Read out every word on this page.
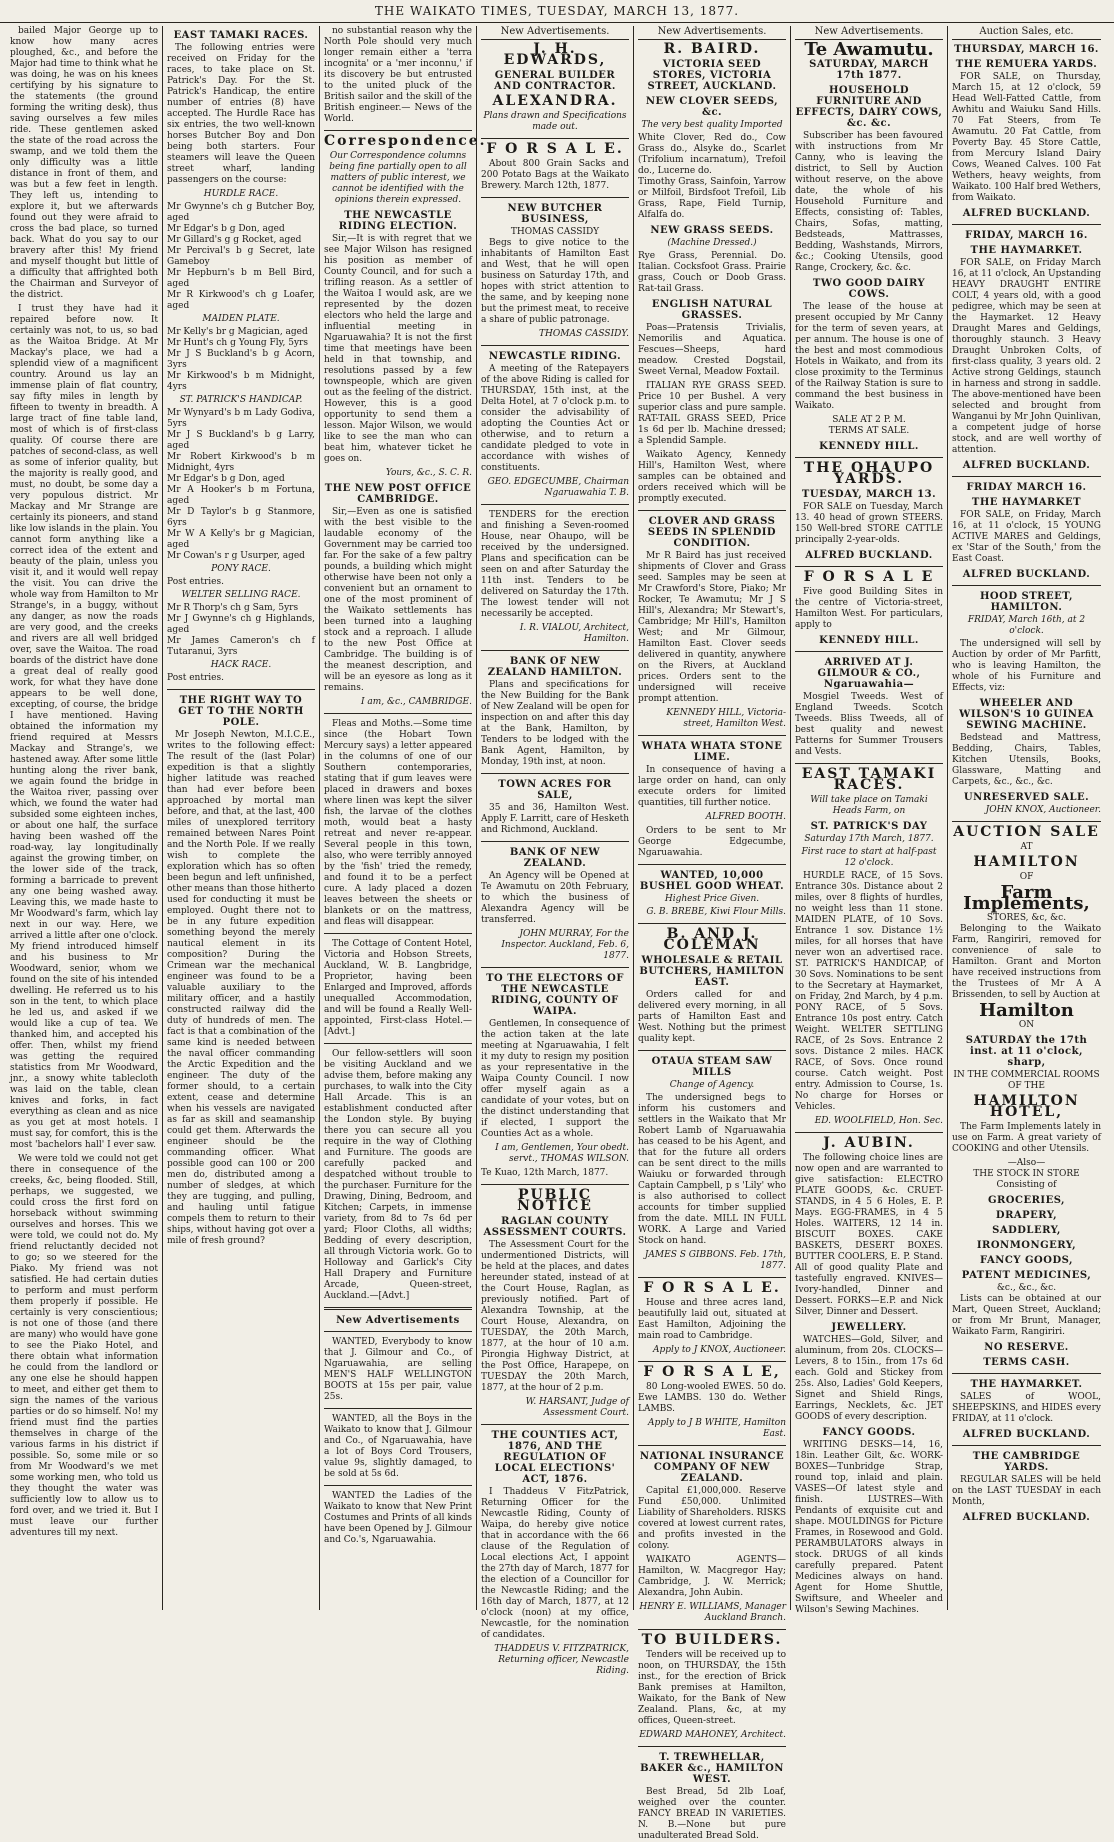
THE WAIKATO TIMES, TUESDAY, MARCH 13, 1877.

bailed Major George up to know how many acres ploughed, &c., and before the Major had time to think what he was doing, he was on his knees certifying by his signature to the statements (the ground forming the writing desk), thus saving ourselves a few miles ride. These gentlemen asked the state of the road across the swamp, and we told them the only difficulty was a little distance in front of them, and was but a few feet in length. They left us, intending to explore it, but we afterwards found out they were afraid to cross the bad place, so turned back. What do you say to our bravery after this! My friend and myself thought but little of a difficulty that affrighted both the Chairman and Surveyor of the district.

I trust they have had it repaired before now. It certainly was not, to us, so bad as the Waitoa Bridge. At Mr Mackay's place, we had a splendid view of a magnificent country. Around us lay an immense plain of flat country, say fifty miles in length by fifteen to twenty in breadth. A large tract of fine table land, most of which is of first-class quality. Of course there are patches of second-class, as well as some of inferior quality, but the majority is really good, and must, no doubt, be some day a very populous district. Mr Mackay and Mr Strange are certainly its pioneers, and stand like low islands in the plain. You cannot form anything like a correct idea of the extent and beauty of the plain, unless you visit it, and it would well repay the visit. You can drive the whole way from Hamilton to Mr Strange's, in a buggy, without any danger, as now the roads are very good, and the creeks and rivers are all well bridged over, save the Waitoa. The road boards of the district have done a great deal of really good work, for what they have done appears to be well done, excepting, of course, the bridge I have mentioned. Having obtained the information my friend required at Messrs Mackay and Strange's, we hastened away. After some little hunting along the river bank, we again found the bridge in the Waitoa river, passing over which, we found the water had subsided some eighteen inches, or about one half, the surface having been washed off the road-way, lay longitudinally against the growing timber, on the lower side of the track, forming a barricade to prevent any one being washed away. Leaving this, we made haste to Mr Woodward's farm, which lay next in our way. Here, we arrived a little after one o'clock. My friend introduced himself and his business to Mr Woodward, senior, whom we found on the site of his intended dwelling. He referred us to his son in the tent, to which place he led us, and asked if we would like a cup of tea. We thanked him, and accepted his offer. Then, whilst my friend was getting the required statistics from Mr Woodward, jnr., a snowy white tablecloth was laid on the table, clean knives and forks, in fact everything as clean and as nice as you get at most hotels. I must say, for comfort, this is the most 'bachelors hall' I ever saw.

We were told we could not get there in consequence of the creeks, &c, being flooded. Still, perhaps, we suggested, we could cross the first ford on horseback without swimming ourselves and horses. This we were told, we could not do. My friend reluctantly decided not to go; so we steered for the Piako. My friend was not satisfied. He had certain duties to perform and must perform them properly if possible. He certainly is very conscientious; is not one of those (and there are many) who would have gone to see the Piako Hotel, and there obtain what information he could from the landlord or any one else he should happen to meet, and either get them to sign the names of the various parties or do so himself. No! my friend must find the parties themselves in charge of the various farms in his district if possible. So, some mile or so from Mr Woodward's we met some working men, who told us they thought the water was sufficiently low to allow us to ford over, and we tried it. But I must leave our further adventures till my next.

EAST TAMAKI RACES.

The following entries were received on Friday for the races, to take place on St. Patrick's Day. For the St. Patrick's Handicap, the entire number of entries (8) have accepted. The Hurdle Race has six entries, the two well-known horses Butcher Boy and Don being both starters. Four steamers will leave the Queen street wharf, landing passengers on the course:

HURDLE RACE.
Mr Gwynne's ch g Butcher Boy, aged
Mr Edgar's b g Don, aged
Mr Gillard's g g Rocket, aged
Mr Percival's b g Secret, late Gameboy
Mr Hepburn's b m Bell Bird, aged
Mr R Kirkwood's ch g Loafer, aged
MAIDEN PLATE.
Mr Kelly's br g Magician, aged
Mr Hunt's ch g Young Fly, 5yrs
Mr J S Buckland's b g Acorn, 3yrs
Mr Kirkwood's b m Midnight, 4yrs
ST. PATRICK'S HANDICAP.
Mr Wynyard's b m Lady Godiva, 5yrs
Mr J S Buckland's b g Larry, aged
Mr Robert Kirkwood's b m Midnight, 4yrs
Mr Edgar's b g Don, aged
Mr A Hooker's b m Fortuna, aged
Mr D Taylor's b g Stanmore, 6yrs
Mr W A Kelly's br g Magician, aged
Mr Cowan's r g Usurper, aged
PONY RACE.
Post entries.
WELTER SELLING RACE.
Mr R Thorp's ch g Sam, 5yrs
Mr J Gwynne's ch g Highlands, aged
Mr James Cameron's ch f Tutaranui, 3yrs
HACK RACE.
Post entries.
THE RIGHT WAY TO GET TO THE NORTH POLE.

Mr Joseph Newton, M.I.C.E., writes to the following effect: The result of the (last Polar) expedition is that a slightly higher latitude was reached than had ever before been approached by mortal man before, and that, at the last, 400 miles of unexplored territory remained between Nares Point and the North Pole. If we really wish to complete the exploration which has so often been begun and left unfinished, other means than those hitherto used for conducting it must be employed. Ought there not to be in any future expedition something beyond the merely nautical element in its composition? During the Crimean war the mechanical engineer was found to be a valuable auxiliary to the military officer, and a hastily constructed railway did the duty of hundreds of men. The fact is that a combination of the same kind is needed between the naval officer commanding the Arctic Expedition and the engineer. The duty of the former should, to a certain extent, cease and determine when his vessels are navigated as far as skill and seamanship could get them. Afterwards the engineer should be the commanding officer. What possible good can 100 or 200 men do, distributed among a number of sledges, at which they are tugging, and pulling, and hauling until fatigue compels them to return to their ships, without having got over a mile of fresh ground?

no substantial reason why the North Pole should very much longer remain either a 'terra incognita' or a 'mer inconnu,' if its discovery be but entrusted to the united pluck of the British sailor and the skill of the British engineer.— News of the World.

Correspondence.
Our Correspondence columns being fine partially open to all matters of public interest, we cannot be identified with the opinions therein expressed.
THE NEWCASTLE RIDING ELECTION.

Sir,—It is with regret that we see Major Wilson has resigned his position as member of County Council, and for such a trifling reason. As a settler of the Waitoa I would ask, are we represented by the dozen electors who held the large and influential meeting in Ngaruawahia? It is not the first time that meetings have been held in that township, and resolutions passed by a few townspeople, which are given out as the feeling of the district. However, this is a good opportunity to send them a lesson. Major Wilson, we would like to see the man who can beat him, whatever ticket he goes on.

Yours, &c., S. C. R.
THE NEW POST OFFICE CAMBRIDGE.

Sir,—Even as one is satisfied with the best visible to the laudable economy of the Government may be carried too far. For the sake of a few paltry pounds, a building which might otherwise have been not only a convenient but an ornament to one of the most prominent of the Waikato settlements has been turned into a laughing stock and a reproach. I allude to the new Post Office at Cambridge. The building is of the meanest description, and will be an eyesore as long as it remains.

I am, &c., CAMBRIDGE.

Fleas and Moths.—Some time since (the Hobart Town Mercury says) a letter appeared in the columns of one of our Southern contemporaries, stating that if gum leaves were placed in drawers and boxes where linen was kept the silver fish, the larvae of the clothes moth, would beat a hasty retreat and never re-appear. Several people in this town, also, who were terribly annoyed by the 'fish' tried the remedy, and found it to be a perfect cure. A lady placed a dozen leaves between the sheets or blankets or on the mattress, and fleas will disappear.

The Cottage of Content Hotel, Victoria and Hobson Streets, Auckland, W. B. Langbridge, Proprietor, having been Enlarged and Improved, affords unequalled Accommodation, and will be found a Really Well-appointed, First-class Hotel.—[Advt.]

Our fellow-settlers will soon be visiting Auckland and we advise them, before making any purchases, to walk into the City Hall Arcade. This is an establishment conducted after the London style. By buying there you can secure all you require in the way of Clothing and Furniture. The goods are carefully packed and despatched without trouble to the purchaser. Furniture for the Drawing, Dining, Bedroom, and Kitchen; Carpets, in immense variety, from 8d to 7s 6d per yard; Floor Cloths, all widths; Bedding of every description, all through Victoria work. Go to Holloway and Garlick's City Hall Drapery and Furniture Arcade, Queen-street, Auckland.—[Advt.]

New Advertisements

WANTED, Everybody to know that J. Gilmour and Co., of Ngaruawahia, are selling MEN'S HALF WELLINGTON BOOTS at 15s per pair, value 25s.

WANTED, all the Boys in the Waikato to know that J. Gilmour and Co., of Ngaruawahia, have a lot of Boys Cord Trousers, value 9s, slightly damaged, to be sold at 5s 6d.

WANTED the Ladies of the Waikato to know that New Print Costumes and Prints of all kinds have been Opened by J. Gilmour and Co.'s, Ngaruawahia.

New Advertisements.
J. H. EDWARDS,
GENERAL BUILDER AND CONTRACTOR.
ALEXANDRA.
Plans drawn and Specifications made out.
F O R S A L E.

About 800 Grain Sacks and 200 Potato Bags at the Waikato Brewery. March 12th, 1877.

NEW BUTCHER BUSINESS,
THOMAS CASSIDY

Begs to give notice to the inhabitants of Hamilton East and West, that he will open business on Saturday 17th, and hopes with strict attention to the same, and by keeping none but the primest meat, to receive a share of public patronage.

THOMAS CASSIDY.
NEWCASTLE RIDING.

A meeting of the Ratepayers of the above Riding is called for THURSDAY, 15th inst, at the Delta Hotel, at 7 o'clock p.m. to consider the advisability of adopting the Counties Act or otherwise, and to return a candidate pledged to vote in accordance with wishes of constituents.

GEO. EDGECUMBE, Chairman Ngaruawahia T. B.

TENDERS for the erection and finishing a Seven-roomed House, near Ohaupo, will be received by the undersigned. Plans and specification can be seen on and after Saturday the 11th inst. Tenders to be delivered on Saturday the 17th. The lowest tender will not necessarily be accepted.

I. R. VIALOU, Architect, Hamilton.
BANK OF NEW ZEALAND HAMILTON.

Plans and specifications for the New Building for the Bank of New Zealand will be open for inspection on and after this day at the Bank, Hamilton, by Tenders to be lodged with the Bank Agent, Hamilton, by Monday, 19th inst, at noon.

TOWN ACRES FOR SALE,

35 and 36, Hamilton West. Apply F. Larritt, care of Hesketh and Richmond, Auckland.

BANK OF NEW ZEALAND.

An Agency will be Opened at Te Awamutu on 20th February, to which the business of Alexandra Agency will be transferred.

JOHN MURRAY, For the Inspector. Auckland, Feb. 6, 1877.
TO THE ELECTORS OF THE NEWCASTLE RIDING, COUNTY OF WAIPA.

Gentlemen, In consequence of the action taken at the late meeting at Ngaruawahia, I felt it my duty to resign my position as your representative in the Waipa County Council. I now offer myself again as a candidate of your votes, but on the distinct understanding that if elected, I support the Counties Act as a whole.

I am, Gentlemen, Your obedt. servt., THOMAS WILSON.
Te Kuao, 12th March, 1877.
PUBLIC NOTICE
RAGLAN COUNTY ASSESSMENT COURTS.

The Assessment Court for the undermentioned Districts, will be held at the places, and dates hereunder stated, instead of at the Court House, Raglan, as previously notified. Part of Alexandra Township, at the Court House, Alexandra, on TUESDAY, the 20th March, 1877, at the hour of 10 a.m. Pirongia Highway District, at the Post Office, Harapepe, on TUESDAY the 20th March, 1877, at the hour of 2 p.m.

W. HARSANT, Judge of Assessment Court.
THE COUNTIES ACT, 1876, AND THE REGULATION OF LOCAL ELECTIONS' ACT, 1876.

I Thaddeus V FitzPatrick, Returning Officer for the Newcastle Riding, County of Waipa, do hereby give notice that in accordance with the 66 clause of the Regulation of Local elections Act, I appoint the 27th day of March, 1877 for the election of a Councillor for the Newcastle Riding; and the 16th day of March, 1877, at 12 o'clock (noon) at my office, Newcastle, for the nomination of candidates.

THADDEUS V. FITZPATRICK, Returning officer, Newcastle Riding.
New Advertisements.
R. BAIRD.
VICTORIA SEED STORES, VICTORIA STREET, AUCKLAND.
NEW CLOVER SEEDS, &c.
The very best quality Imported
White Clover, Red do., Cow Grass do., Alsyke do., Scarlet (Trifolium incarnatum), Trefoil do., Lucerne do.
Timothy Grass, Sainfoin, Yarrow or Milfoil, Birdsfoot Trefoil, Lib Grass, Rape, Field Turnip, Alfalfa do.
NEW GRASS SEEDS.
(Machine Dressed.)
Rye Grass, Perennial. Do. Italian. Cocksfoot Grass. Prairie grass, Couch or Doob Grass. Rat-tail Grass.
ENGLISH NATURAL GRASSES.

Poas—Pratensis Trivialis, Nemorilis and Aquatica. Fescues—Sheeps, hard meadow. Crested Dogstail, Sweet Vernal, Meadow Foxtail.

ITALIAN RYE GRASS SEED. Price 10 per Bushel. A very superior class and pure sample. RAT-TAIL GRASS SEED, Price 1s 6d per lb. Machine dressed; a Splendid Sample.

Waikato Agency, Kennedy Hill's, Hamilton West, where samples can be obtained and orders received which will be promptly executed.

CLOVER AND GRASS SEEDS IN SPLENDID CONDITION.

Mr R Baird has just received shipments of Clover and Grass seed. Samples may be seen at Mr Crawford's Store, Piako; Mr Rocker, Te Awamutu; Mr J S Hill's, Alexandra; Mr Stewart's, Cambridge; Mr Hill's, Hamilton West; and Mr Gilmour, Hamilton East. Clover seeds delivered in quantity, anywhere on the Rivers, at Auckland prices. Orders sent to the undersigned will receive prompt attention.

KENNEDY HILL, Victoria-street, Hamilton West.
WHATA WHATA STONE LIME.

In consequence of having a large order on hand, can only execute orders for limited quantities, till further notice.

ALFRED BOOTH.

Orders to be sent to Mr George Edgecumbe, Ngaruawahia.

WANTED, 10,000 BUSHEL GOOD WHEAT.
Highest Price Given.
G. B. BREBE, Kiwi Flour Mills.
B. AND J. COLEMAN
WHOLESALE & RETAIL BUTCHERS, HAMILTON EAST.

Orders called for and delivered every morning, in all parts of Hamilton East and West. Nothing but the primest quality kept.

OTAUA STEAM SAW MILLS
Change of Agency.

The undersigned begs to inform his customers and settlers in the Waikato that Mr Robert Lamb of Ngaruawahia has ceased to be his Agent, and that for the future all orders can be sent direct to the mills Waiuku or forwarded through Captain Campbell, p s 'Lily' who is also authorised to collect accounts for timber supplied from the date. MILL IN FULL WORK. A Large and Varied Stock on hand.

JAMES S GIBBONS. Feb. 17th, 1877.
F O R S A L E.

House and three acres land, beautifully laid out, situated at East Hamilton, Adjoining the main road to Cambridge.

Apply to J KNOX, Auctioneer.
F O R S A L E,

80 Long-wooled EWES. 50 do. Ewe LAMBS. 130 do. Wether LAMBS.

Apply to J B WHITE, Hamilton East.
NATIONAL INSURANCE COMPANY OF NEW ZEALAND.

Capital £1,000,000. Reserve Fund £50,000. Unlimited Liability of Shareholders. RISKS covered at lowest current rates, and profits invested in the colony.

WAIKATO AGENTS— Hamilton, W. Macgregor Hay; Cambridge, J. W. Merrick; Alexandra, John Aubin.

HENRY E. WILLIAMS, Manager Auckland Branch.
TO BUILDERS.

Tenders will be received up to noon, on THURSDAY, the 15th inst., for the erection of Brick Bank premises at Hamilton, Waikato, for the Bank of New Zealand. Plans, &c, at my offices, Queen-street.

EDWARD MAHONEY, Architect.
T. TREWHELLAR, BAKER &c., HAMILTON WEST.

Best Bread, 5d 2lb Loaf, weighed over the counter. FANCY BREAD IN VARIETIES. N. B.—None but pure unadulterated Bread Sold.

New Advertisements.
Te Awamutu.
SATURDAY, MARCH 17th 1877.
HOUSEHOLD FURNITURE AND EFFECTS, DAIRY COWS, &c. &c.

Subscriber has been favoured with instructions from Mr Canny, who is leaving the district, to Sell by Auction without reserve, on the above date, the whole of his Household Furniture and Effects, consisting of: Tables, Chairs, Sofas, matting, Bedsteads, Mattrasses, Bedding, Washstands, Mirrors, &c.; Cooking Utensils, good Range, Crockery, &c. &c.

TWO GOOD DAIRY COWS.

The lease of the house at present occupied by Mr Canny for the term of seven years, at per annum. The house is one of the best and most commodious Hotels in Waikato, and from its close proximity to the Terminus of the Railway Station is sure to command the best business in Waikato.

SALE AT 2 P. M.
TERMS AT SALE.
KENNEDY HILL.
THE OHAUPO YARDS.
TUESDAY, MARCH 13.

FOR SALE on Tuesday, March 13. 40 head of grown STEERS. 150 Well-bred STORE CATTLE principally 2-year-olds.

ALFRED BUCKLAND.
F O R S A L E

Five good Building Sites in the centre of Victoria-street, Hamilton West. For particulars, apply to

KENNEDY HILL.
ARRIVED AT J. GILMOUR & CO., Ngaruawahia—

Mosgiel Tweeds. West of England Tweeds. Scotch Tweeds. Bliss Tweeds, all of best quality and newest Patterns for Summer Trousers and Vests.

EAST TAMAKI RACES.
Will take place on Tamaki Heads Farm, on
ST. PATRICK'S DAY
Saturday 17th March, 1877.
First race to start at half-past 12 o'clock.

HURDLE RACE, of 15 Sovs. Entrance 30s. Distance about 2 miles, over 8 flights of hurdles, no weight less than 11 stone. MAIDEN PLATE, of 10 Sovs. Entrance 1 sov. Distance 1½ miles, for all horses that have never won an advertised race. ST. PATRICK'S HANDICAP, of 30 Sovs. Nominations to be sent to the Secretary at Haymarket, on Friday, 2nd March, by 4 p.m. PONY RACE, of 5 Sovs. Entrance 10s post entry. Catch Weight. WELTER SETTLING RACE, of 2s Sovs. Entrance 2 sovs. Distance 2 miles. HACK RACE, of Sovs. Once round course. Catch weight. Post entry. Admission to Course, 1s. No charge for Horses or Vehicles.

ED. WOOLFIELD, Hon. Sec.
J. AUBIN.

The following choice lines are now open and are warranted to give satisfaction: ELECTRO PLATE GOODS, &c. CRUET-STANDS, in 4 5 6 Holes, E. P. Mays. EGG-FRAMES, in 4 5 Holes. WAITERS, 12 14 in. BISCUIT BOXES. CAKE BASKETS, DESERT BOXES. BUTTER COOLERS, E. P. Stand. All of good quality Plate and tastefully engraved. KNIVES—Ivory-handled, Dinner and Dessert. FORKS—E.P. and Nick Silver, Dinner and Dessert.

JEWELLERY.

WATCHES—Gold, Silver, and aluminum, from 20s. CLOCKS—Levers, 8 to 15in., from 17s 6d each. Gold and Stickey from 25s. Also, Ladies' Gold Keepers, Signet and Shield Rings, Earrings, Necklets, &c. JET GOODS of every description.

FANCY GOODS.

WRITING DESKS—14, 16, 18in. Leather Gilt, &c. WORK-BOXES—Tunbridge Strap, round top, inlaid and plain. VASES—Of latest style and finish. LUSTRES—With Pendants of exquisite cut and shape. MOULDINGS for Picture Frames, in Rosewood and Gold. PERAMBULATORS always in stock. DRUGS of all kinds carefully prepared. Patent Medicines always on hand. Agent for Home Shuttle, Swiftsure, and Wheeler and Wilson's Sewing Machines.

Auction Sales, etc.
THURSDAY, MARCH 16.
THE REMUERA YARDS.

FOR SALE, on Thursday, March 15, at 12 o'clock, 59 Head Well-Fatted Cattle, from Awhitu and Waiuku Sand Hills. 70 Fat Steers, from Te Awamutu. 20 Fat Cattle, from Poverty Bay. 45 Store Cattle, from Mercury Island Dairy Cows, Weaned Calves. 100 Fat Wethers, heavy weights, from Waikato. 100 Half bred Wethers, from Waikato.

ALFRED BUCKLAND.
FRIDAY, MARCH 16.
THE HAYMARKET.

FOR SALE, on Friday March 16, at 11 o'clock, An Upstanding HEAVY DRAUGHT ENTIRE COLT, 4 years old, with a good pedigree, which may be seen at the Haymarket. 12 Heavy Draught Mares and Geldings, thoroughly staunch. 3 Heavy Draught Unbroken Colts, of first-class quality, 3 years old. 2 Active strong Geldings, staunch in harness and strong in saddle. The above-mentioned have been selected and brought from Wanganui by Mr John Quinlivan, a competent judge of horse stock, and are well worthy of attention.

ALFRED BUCKLAND.
FRIDAY MARCH 16.
THE HAYMARKET

FOR SALE, on Friday, March 16, at 11 o'clock, 15 YOUNG ACTIVE MARES and Geldings, ex 'Star of the South,' from the East Coast.

ALFRED BUCKLAND.
HOOD STREET, HAMILTON.
FRIDAY, March 16th, at 2 o'clock.

The undersigned will sell by Auction by order of Mr Parfitt, who is leaving Hamilton, the whole of his Furniture and Effects, viz:

WHEELER AND WILSON'S 10 GUINEA SEWING MACHINE.

Bedstead and Mattress, Bedding, Chairs, Tables, Kitchen Utensils, Books, Glassware, Matting and Carpets, &c., &c., &c.

UNRESERVED SALE.
JOHN KNOX, Auctioneer.
AUCTION SALE
AT
HAMILTON
OF
Farm Implements,
STORES, &c, &c.

Belonging to the Waikato Farm, Rangiriri, removed for convenience of sale to Hamilton. Grant and Morton have received instructions from the Trustees of Mr A A Brissenden, to sell by Auction at

Hamilton
ON
SATURDAY the 17th inst. at 11 o'clock, sharp,
IN THE COMMERCIAL ROOMS OF THE
HAMILTON HOTEL,

The Farm Implements lately in use on Farm. A great variety of COOKING and other Utensils.

—Also—
THE STOCK IN STORE Consisting of
GROCERIES,
DRAPERY,
SADDLERY,
IRONMONGERY,
FANCY GOODS,
PATENT MEDICINES,
&c., &c., &c.

Lists can be obtained at our Mart, Queen Street, Auckland; or from Mr Brunt, Manager, Waikato Farm, Rangiriri.

NO RESERVE.
TERMS CASH.
THE HAYMARKET.

SALES of WOOL, SHEEPSKINS, and HIDES every FRIDAY, at 11 o'clock.

ALFRED BUCKLAND.
THE CAMBRIDGE YARDS.

REGULAR SALES will be held on the LAST TUESDAY in each Month,

ALFRED BUCKLAND.
